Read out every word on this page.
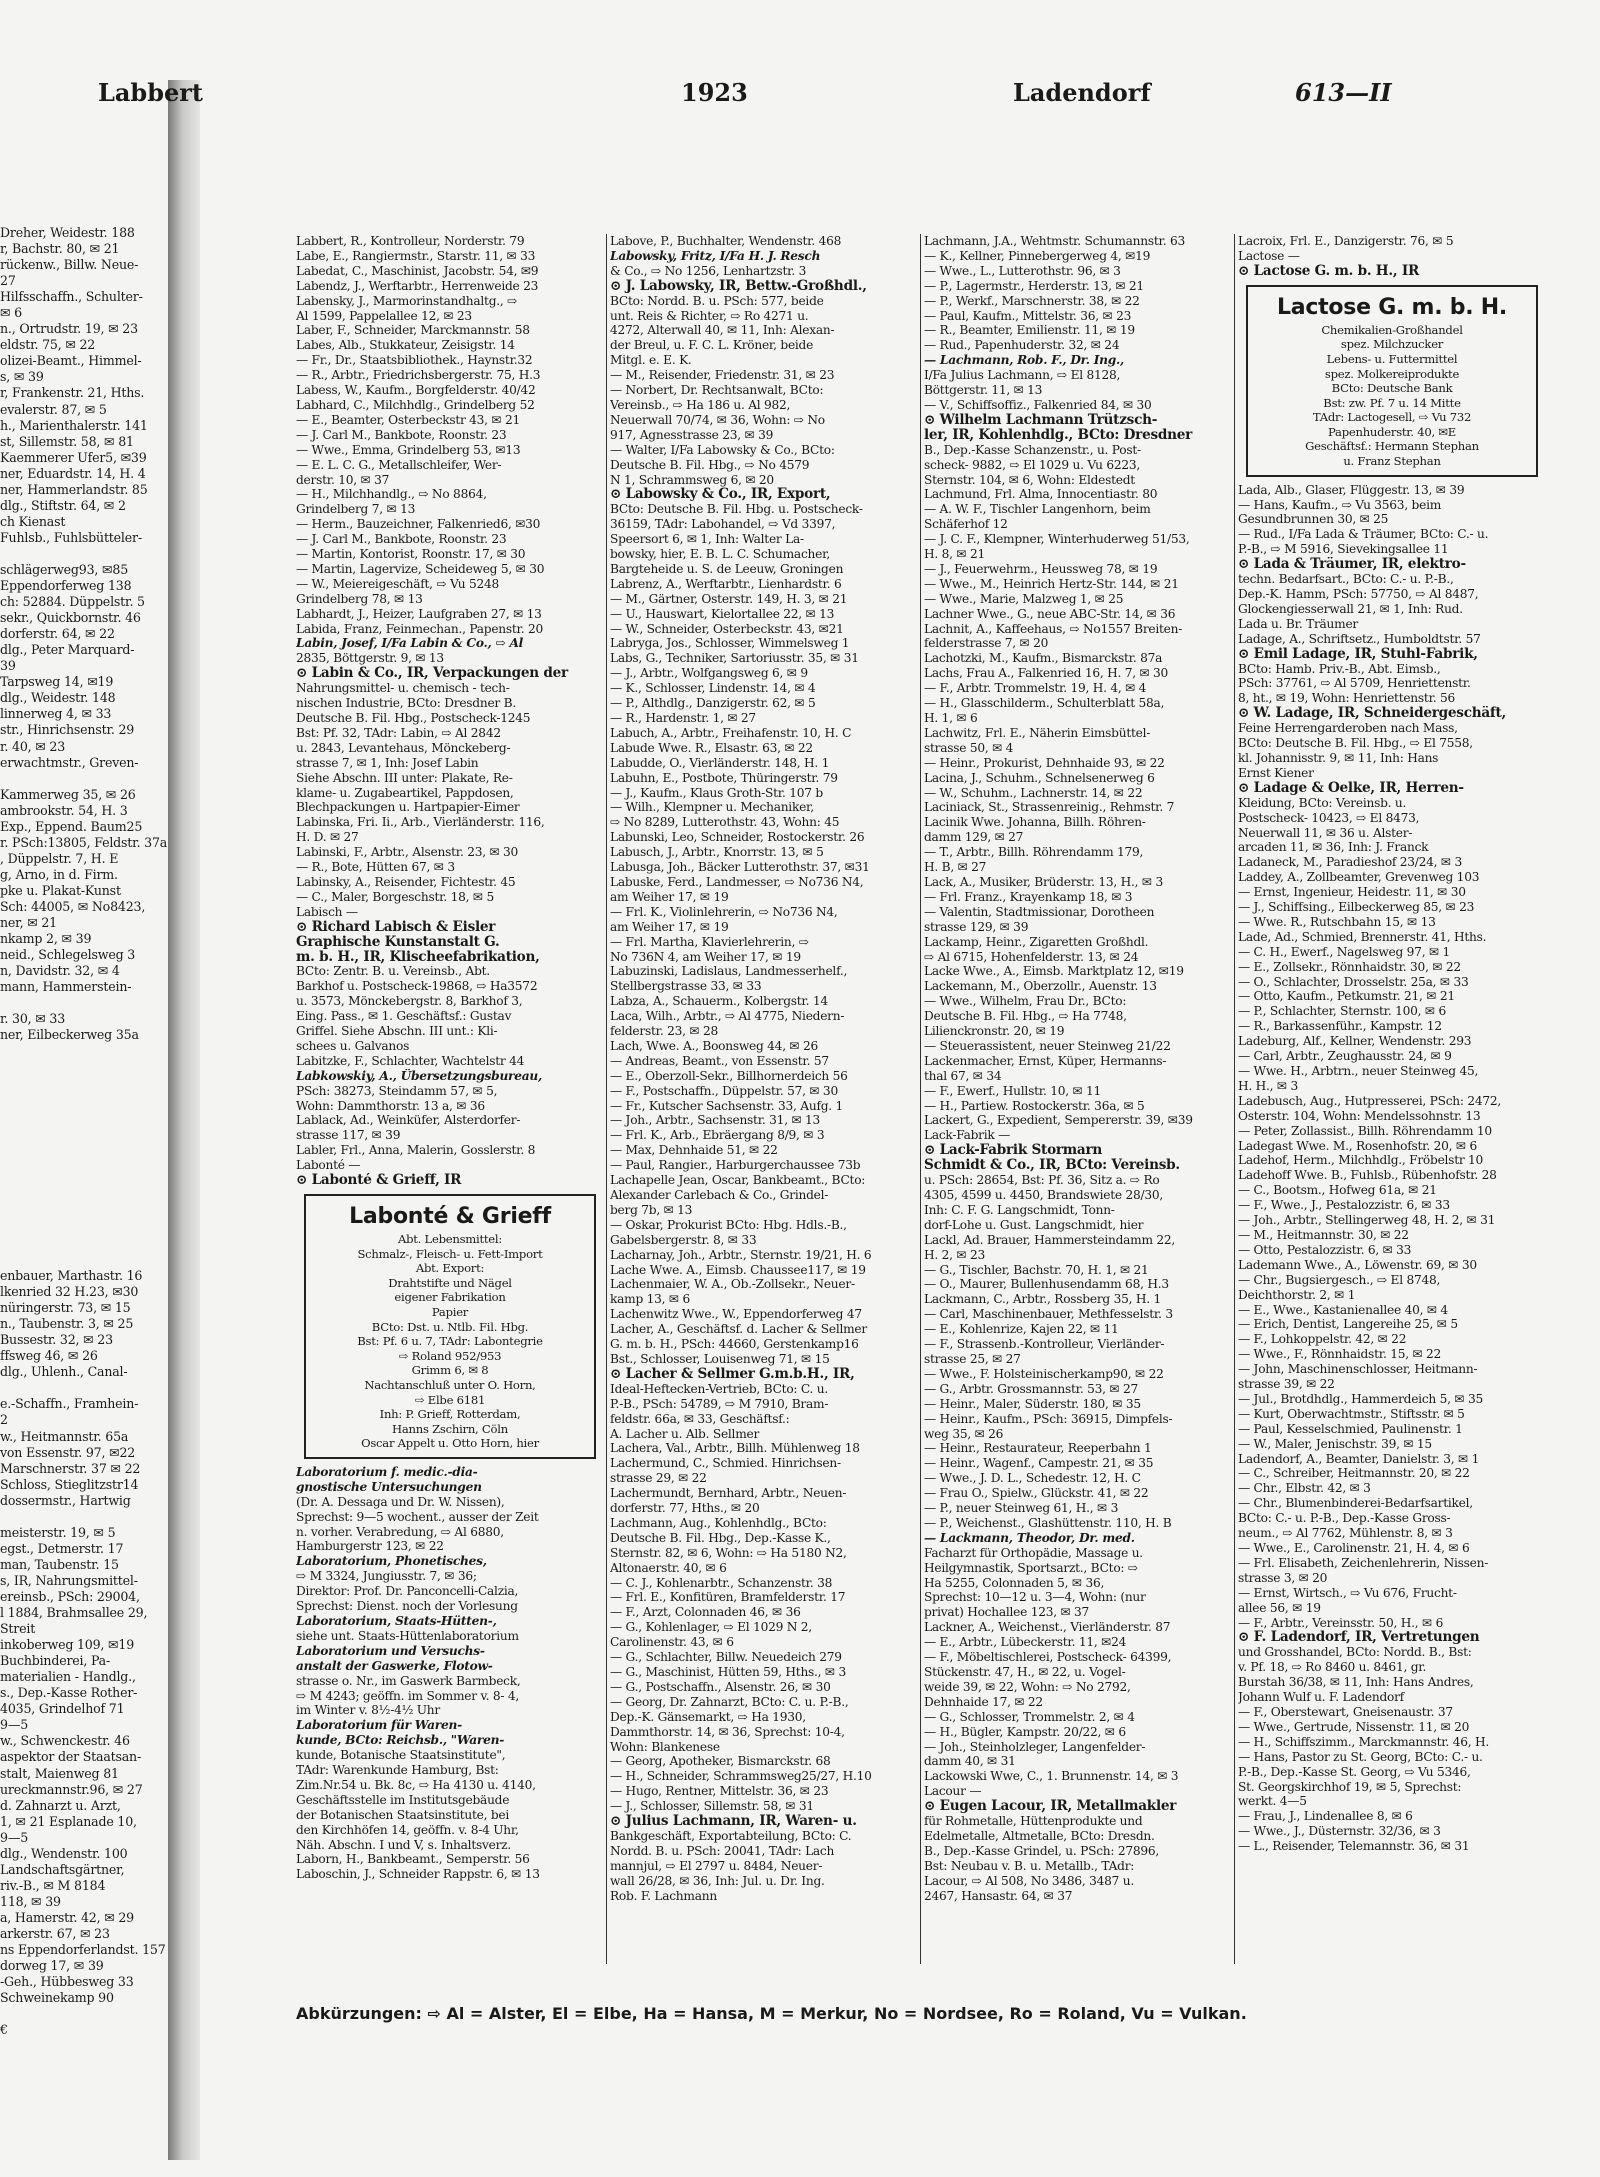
Dreher, Weidestr. 188
r, Bachstr. 80, ✉ 21
rückenw., Billw. Neue-
27
Hilfsschaffn., Schulter-
✉ 6
n., Ortrudstr. 19, ✉ 23
eldstr. 75, ✉ 22
olizei-Beamt., Himmel-
s, ✉ 39
r, Frankenstr. 21, Hths.
evalerstr. 87, ✉ 5
h., Marienthalerstr. 141
st, Sillemstr. 58, ✉ 81
Kaemmerer Ufer5, ✉39
ner, Eduardstr. 14, H. 4
ner, Hammerlandstr. 85
dlg., Stiftstr. 64, ✉ 2
ch Kienast
Fuhlsb., Fuhlsbütteler-

schlägerweg93, ✉85
Eppendorferweg 138
ch: 52884. Düppelstr. 5
sekr., Quickbornstr. 46
dorferstr. 64, ✉ 22
dlg., Peter Marquard-
39
Tarpsweg 14, ✉19
dlg., Weidestr. 148
linnerweg 4, ✉ 33
str., Hinrichsenstr. 29
r. 40, ✉ 23
erwachtmstr., Greven-

Kammerweg 35, ✉ 26
ambrookstr. 54, H. 3
Exp., Eppend. Baum25
r. PSch:13805, Feldstr. 37a
, Düppelstr. 7, H. E
g, Arno, in d. Firm.
pke u. Plakat-Kunst
Sch: 44005, ✉ No8423,
ner, ✉ 21
nkamp 2, ✉ 39
neid., Schlegelsweg 3
n, Davidstr. 32, ✉ 4
mann, Hammerstein-

r. 30, ✉ 33
ner, Eilbeckerweg 35a

enbauer, Marthastr. 16
lkenried 32 H.23, ✉30
nüringerstr. 73, ✉ 15
n., Taubenstr. 3, ✉ 25
Bussestr. 32, ✉ 23
ffsweg 46, ✉ 26
dlg., Uhlenh., Canal-

e.-Schaffn., Framhein-
2
w., Heitmannstr. 65a
von Essenstr. 97, ✉22
Marschnerstr. 37 ✉ 22
Schloss, Stieglitzstr14
dossermstr., Hartwig

meisterstr. 19, ✉ 5
egst., Detmerstr. 17
man, Taubenstr. 15
s, IR, Nahrungsmittel-
ereinsb., PSch: 29004,
l 1884, Brahmsallee 29,
Streit
inkoberweg 109, ✉19
Buchbinderei, Pa-
materialien - Handlg.,
s., Dep.-Kasse Rother-
4035, Grindelhof 71
9—5
w., Schwenckestr. 46
aspektor der Staatsan-
stalt, Maienweg 81
ureckmannstr.96, ✉ 27
d. Zahnarzt u. Arzt,
1, ✉ 21 Esplanade 10,
9—5
dlg., Wendenstr. 100
Landschaftsgärtner,
riv.-B., ✉ M 8184
118, ✉ 39
a, Hamerstr. 42, ✉ 29
arkerstr. 67, ✉ 23
ns Eppendorferlandst. 157
dorweg 17, ✉ 39
-Geh., Hübbesweg 33
Schweinekamp 90

€
Labbert	1923	Ladendorf	613—II
Labbert, R., Kontrolleur, Norderstr. 79
Labe, E., Rangiermstr., Starstr. 11, ✉ 33
Labedat, C., Maschinist, Jacobstr. 54, ✉9
Labendz, J., Werftarbtr., Herrenweide 23
Labensky, J., Marmorinstandhaltg., ⇨
Al 1599, Pappelallee 12, ✉ 23
Laber, F., Schneider, Marckmannstr. 58
Labes, Alb., Stukkateur, Zeisigstr. 14
— Fr., Dr., Staatsbibliothek., Haynstr.32
— R., Arbtr., Friedrichsbergerstr. 75, H.3
Labess, W., Kaufm., Borgfelderstr. 40/42
Labhard, C., Milchhdlg., Grindelberg 52
— E., Beamter, Osterbeckstr 43, ✉ 21
— J. Carl M., Bankbote, Roonstr. 23
— Wwe., Emma, Grindelberg 53, ✉13
— E. L. C. G., Metallschleifer, Wer-
derstr. 10, ✉ 37
— H., Milchhandlg., ⇨ No 8864,
Grindelberg 7, ✉ 13
— Herm., Bauzeichner, Falkenried6, ✉30
— J. Carl M., Bankbote, Roonstr. 23
— Martin, Kontorist, Roonstr. 17, ✉ 30
— Martin, Lagervize, Scheideweg 5, ✉ 30
— W., Meiereigeschäft, ⇨ Vu 5248
Grindelberg 78, ✉ 13
Labhardt, J., Heizer, Laufgraben 27, ✉ 13
Labida, Franz, Feinmechan., Papenstr. 20
Labin, Josef, I/Fa Labin & Co., ⇨ Al
2835, Böttgerstr. 9, ✉ 13
⊙ Labin & Co., IR, Verpackungen der
Nahrungsmittel- u. chemisch - tech-
nischen Industrie, BCto: Dresdner B.
Deutsche B. Fil. Hbg., Postscheck-1245
Bst: Pf. 32, TAdr: Labin, ⇨ Al 2842
u. 2843, Levantehaus, Mönckeberg-
strasse 7, ✉ 1, Inh: Josef Labin
Siehe Abschn. III unter: Plakate, Re-
klame- u. Zugabeartikel, Pappdosen,
Blechpackungen u. Hartpapier-Eimer
Labinska, Fri. Ii., Arb., Vierländerstr. 116,
H. D. ✉ 27
Labinski, F., Arbtr., Alsenstr. 23, ✉ 30
— R., Bote, Hütten 67, ✉ 3
Labinsky, A., Reisender, Fichtestr. 45
— C., Maler, Borgeschstr. 18, ✉ 5
Labisch —
⊙ Richard Labisch & Eisler
Graphische Kunstanstalt G.
m. b. H., IR, Klischeefabrikation,
BCto: Zentr. B. u. Vereinsb., Abt.
Barkhof u. Postscheck-19868, ⇨ Ha3572
u. 3573, Mönckebergstr. 8, Barkhof 3,
Eing. Pass., ✉ 1. Geschäftsf.: Gustav
Griffel. Siehe Abschn. III unt.: Kli-
schees u. Galvanos
Labitzke, F., Schlachter, Wachtelstr 44
Labkowskiy, A., Übersetzungsbureau,
PSch: 38273, Steindamm 57, ✉ 5,
Wohn: Dammthorstr. 13 a, ✉ 36
Lablack, Ad., Weinküfer, Alsterdorfer-
strasse 117, ✉ 39
Labler, Frl., Anna, Malerin, Gosslerstr. 8
Labonté —
⊙ Labonté & Grieff, IR
Labonté & Grieff
Abt. Lebensmittel:
Schmalz-, Fleisch- u. Fett-Import
Abt. Export:
Drahtstifte und Nägel
eigener Fabrikation
Papier
BCto: Dst. u. Ntlb. Fil. Hbg.
Bst: Pf. 6 u. 7, TAdr: Labontegrie
⇨ Roland 952/953
Grimm 6, ✉ 8
Nachtanschluß unter O. Horn,
⇨ Elbe 6181
Inh: P. Grieff, Rotterdam,
Hanns Zschirn, Cöln
Oscar Appelt u. Otto Horn, hier
Laboratorium f. medic.-dia-
gnostische Untersuchungen
(Dr. A. Dessaga und Dr. W. Nissen),
Sprechst: 9—5 wochent., ausser der Zeit
n. vorher. Verabredung, ⇨ Al 6880,
Hamburgerstr 123, ✉ 22
Laboratorium, Phonetisches,
⇨ M 3324, Jungiusstr. 7, ✉ 36;
Direktor: Prof. Dr. Panconcelli-Calzia,
Sprechst: Dienst. noch der Vorlesung
Laboratorium, Staats-Hütten-,
siehe unt. Staats-Hüttenlaboratorium
Laboratorium und Versuchs-
anstalt der Gaswerke, Flotow-
strasse o. Nr., im Gaswerk Barmbeck,
⇨ M 4243; geöffn. im Sommer v. 8- 4,
im Winter v. 8½-4½ Uhr
Laboratorium für Waren-
kunde, BCto: Reichsb., "Waren-
kunde, Botanische Staatsinstitute",
TAdr: Warenkunde Hamburg, Bst:
Zim.Nr.54 u. Bk. 8c, ⇨ Ha 4130 u. 4140,
Geschäftsstelle im Institutsgebäude
der Botanischen Staatsinstitute, bei
den Kirchhöfen 14, geöffn. v. 8-4 Uhr,
Näh. Abschn. I und V, s. Inhaltsverz.
Laborn, H., Bankbeamt., Semperstr. 56
Laboschin, J., Schneider Rappstr. 6, ✉ 13
Labove, P., Buchhalter, Wendenstr. 468
Labowsky, Fritz, I/Fa H. J. Resch
& Co., ⇨ No 1256, Lenhartzstr. 3
⊙ J. Labowsky, IR, Bettw.-Großhdl.,
BCto: Nordd. B. u. PSch: 577, beide
unt. Reis & Richter, ⇨ Ro 4271 u.
4272, Alterwall 40, ✉ 11, Inh: Alexan-
der Breul, u. F. C. L. Kröner, beide
Mitgl. e. E. K.
— M., Reisender, Friedenstr. 31, ✉ 23
— Norbert, Dr. Rechtsanwalt, BCto:
Vereinsb., ⇨ Ha 186 u. Al 982,
Neuerwall 70/74, ✉ 36, Wohn: ⇨ No
917, Agnesstrasse 23, ✉ 39
— Walter, I/Fa Labowsky & Co., BCto:
Deutsche B. Fil. Hbg., ⇨ No 4579
N 1, Schrammsweg 6, ✉ 20
⊙ Labowsky & Co., IR, Export,
BCto: Deutsche B. Fil. Hbg. u. Postscheck-
36159, TAdr: Labohandel, ⇨ Vd 3397,
Speersort 6, ✉ 1, Inh: Walter La-
bowsky, hier, E. B. L. C. Schumacher,
Bargteheide u. S. de Leeuw, Groningen
Labrenz, A., Werftarbtr., Lienhardstr. 6
— M., Gärtner, Osterstr. 149, H. 3, ✉ 21
— U., Hauswart, Kielortallee 22, ✉ 13
— W., Schneider, Osterbeckstr. 43, ✉21
Labryga, Jos., Schlosser, Wimmelsweg 1
Labs, G., Techniker, Sartoriusstr. 35, ✉ 31
— J., Arbtr., Wolfgangsweg 6, ✉ 9
— K., Schlosser, Lindenstr. 14, ✉ 4
— P., Althdlg., Danzigerstr. 62, ✉ 5
— R., Hardenstr. 1, ✉ 27
Labuch, A., Arbtr., Freihafenstr. 10, H. C
Labude Wwe. R., Elsastr. 63, ✉ 22
Labudde, O., Vierländerstr. 148, H. 1
Labuhn, E., Postbote, Thüringerstr. 79
— J., Kaufm., Klaus Groth-Str. 107 b
— Wilh., Klempner u. Mechaniker,
⇨ No 8289, Lutterothstr. 43, Wohn: 45
Labunski, Leo, Schneider, Rostockerstr. 26
Labusch, J., Arbtr., Knorrstr. 13, ✉ 5
Labusga, Joh., Bäcker Lutterothstr. 37, ✉31
Labuske, Ferd., Landmesser, ⇨ No736 N4,
am Weiher 17, ✉ 19
— Frl. K., Violinlehrerin, ⇨ No736 N4,
am Weiher 17, ✉ 19
— Frl. Martha, Klavierlehrerin, ⇨
No 736N 4, am Weiher 17, ✉ 19
Labuzinski, Ladislaus, Landmesserhelf.,
Stellbergstrasse 33, ✉ 33
Labza, A., Schauerm., Kolbergstr. 14
Laca, Wilh., Arbtr., ⇨ Al 4775, Niedern-
felderstr. 23, ✉ 28
Lach, Wwe. A., Boonsweg 44, ✉ 26
— Andreas, Beamt., von Essenstr. 57
— E., Oberzoll-Sekr., Billhornerdeich 56
— F., Postschaffn., Düppelstr. 57, ✉ 30
— Fr., Kutscher Sachsenstr. 33, Aufg. 1
— Joh., Arbtr., Sachsenstr. 31, ✉ 13
— Frl. K., Arb., Ebräergang 8/9, ✉ 3
— Max, Dehnhaide 51, ✉ 22
— Paul, Rangier., Harburgerchaussee 73b
Lachapelle Jean, Oscar, Bankbeamt., BCto:
Alexander Carlebach & Co., Grindel-
berg 7b, ✉ 13
— Oskar, Prokurist BCto: Hbg. Hdls.-B.,
Gabelsbergerstr. 8, ✉ 33
Lacharnay, Joh., Arbtr., Sternstr. 19/21, H. 6
Lache Wwe. A., Eimsb. Chaussee117, ✉ 19
Lachenmaier, W. A., Ob.-Zollsekr., Neuer-
kamp 13, ✉ 6
Lachenwitz Wwe., W., Eppendorferweg 47
Lacher, A., Geschäftsf. d. Lacher & Sellmer
G. m. b. H., PSch: 44660, Gerstenkamp16
Bst., Schlosser, Louisenweg 71, ✉ 15
⊙ Lacher & Sellmer G.m.b.H., IR,
Ideal-Heftecken-Vertrieb, BCto: C. u.
P.-B., PSch: 54789, ⇨ M 7910, Bram-
feldstr. 66a, ✉ 33, Geschäftsf.:
A. Lacher u. Alb. Sellmer
Lachera, Val., Arbtr., Billh. Mühlenweg 18
Lachermund, C., Schmied. Hinrichsen-
strasse 29, ✉ 22
Lachermundt, Bernhard, Arbtr., Neuen-
dorferstr. 77, Hths., ✉ 20
Lachmann, Aug., Kohlenhdlg., BCto:
Deutsche B. Fil. Hbg., Dep.-Kasse K.,
Sternstr. 82, ✉ 6, Wohn: ⇨ Ha 5180 N2,
Altonaerstr. 40, ✉ 6
— C. J., Kohlenarbtr., Schanzenstr. 38
— Frl. E., Konfitüren, Bramfelderstr. 17
— F., Arzt, Colonnaden 46, ✉ 36
— G., Kohlenlager, ⇨ El 1029 N 2,
Carolinenstr. 43, ✉ 6
— G., Schlachter, Billw. Neuedeich 279
— G., Maschinist, Hütten 59, Hths., ✉ 3
— G., Postschaffn., Alsenstr. 26, ✉ 30
— Georg, Dr. Zahnarzt, BCto: C. u. P.-B.,
Dep.-K. Gänsemarkt, ⇨ Ha 1930,
Dammthorstr. 14, ✉ 36, Sprechst: 10-4,
Wohn: Blankenese
— Georg, Apotheker, Bismarckstr. 68
— H., Schneider, Schrammsweg25/27, H.10
— Hugo, Rentner, Mittelstr. 36, ✉ 23
— J., Schlosser, Sillemstr. 58, ✉ 31
⊙ Julius Lachmann, IR, Waren- u.
Bankgeschäft, Exportabteilung, BCto: C.
Nordd. B. u. PSch: 20041, TAdr: Lach
mannjul, ⇨ El 2797 u. 8484, Neuer-
wall 26/28, ✉ 36, Inh: Jul. u. Dr. Ing.
Rob. F. Lachmann
Lachmann, J.A., Wehtmstr. Schumannstr. 63
— K., Kellner, Pinnebergerweg 4, ✉19
— Wwe., L., Lutterothstr. 96, ✉ 3
— P., Lagermstr., Herderstr. 13, ✉ 21
— P., Werkf., Marschnerstr. 38, ✉ 22
— Paul, Kaufm., Mittelstr. 36, ✉ 23
— R., Beamter, Emilienstr. 11, ✉ 19
— Rud., Papenhuderstr. 32, ✉ 24
— Lachmann, Rob. F., Dr. Ing.,
I/Fa Julius Lachmann, ⇨ El 8128,
Böttgerstr. 11, ✉ 13
— V., Schiffsoffiz., Falkenried 84, ✉ 30
⊙ Wilhelm Lachmann Trützsch-
ler, IR, Kohlenhdlg., BCto: Dresdner
B., Dep.-Kasse Schanzenstr., u. Post-
scheck- 9882, ⇨ El 1029 u. Vu 6223,
Sternstr. 104, ✉ 6, Wohn: Eldestedt
Lachmund, Frl. Alma, Innocentiastr. 80
— A. W. F., Tischler Langenhorn, beim
Schäferhof 12
— J. C. F., Klempner, Winterhuderweg 51/53,
H. 8, ✉ 21
— J., Feuerwehrm., Heussweg 78, ✉ 19
— Wwe., M., Heinrich Hertz-Str. 144, ✉ 21
— Wwe., Marie, Malzweg 1, ✉ 25
Lachner Wwe., G., neue ABC-Str. 14, ✉ 36
Lachnit, A., Kaffeehaus, ⇨ No1557 Breiten-
felderstrasse 7, ✉ 20
Lachotzki, M., Kaufm., Bismarckstr. 87a
Lachs, Frau A., Falkenried 16, H. 7, ✉ 30
— F., Arbtr. Trommelstr. 19, H. 4, ✉ 4
— H., Glasschilderm., Schulterblatt 58a,
H. 1, ✉ 6
Lachwitz, Frl. E., Näherin Eimsbüttel-
strasse 50, ✉ 4
— Heinr., Prokurist, Dehnhaide 93, ✉ 22
Lacina, J., Schuhm., Schnelsenerweg 6
— W., Schuhm., Lachnerstr. 14, ✉ 22
Laciniack, St., Strassenreinig., Rehmstr. 7
Lacinik Wwe. Johanna, Billh. Röhren-
damm 129, ✉ 27
— T., Arbtr., Billh. Röhrendamm 179,
H. B, ✉ 27
Lack, A., Musiker, Brüderstr. 13, H., ✉ 3
— Frl. Franz., Krayenkamp 18, ✉ 3
— Valentin, Stadtmissionar, Dorotheen
strasse 129, ✉ 39
Lackamp, Heinr., Zigaretten Großhdl.
⇨ Al 6715, Hohenfelderstr. 13, ✉ 24
Lacke Wwe., A., Eimsb. Marktplatz 12, ✉19
Lackemann, M., Oberzollr., Auenstr. 13
— Wwe., Wilhelm, Frau Dr., BCto:
Deutsche B. Fil. Hbg., ⇨ Ha 7748,
Lilienckronstr. 20, ✉ 19
— Steuerassistent, neuer Steinweg 21/22
Lackenmacher, Ernst, Küper, Hermanns-
thal 67, ✉ 34
— F., Ewerf., Hullstr. 10, ✉ 11
— H., Partiew. Rostockerstr. 36a, ✉ 5
Lackert, G., Expedient, Sempererstr. 39, ✉39
Lack-Fabrik —
⊙ Lack-Fabrik Stormarn
Schmidt & Co., IR, BCto: Vereinsb.
u. PSch: 28654, Bst: Pf. 36, Sitz a. ⇨ Ro
4305, 4599 u. 4450, Brandswiete 28/30,
Inh: C. F. G. Langschmidt, Tonn-
dorf-Lohe u. Gust. Langschmidt, hier
Lackl, Ad. Brauer, Hammersteindamm 22,
H. 2, ✉ 23
— G., Tischler, Bachstr. 70, H. 1, ✉ 21
— O., Maurer, Bullenhusendamm 68, H.3
Lackmann, C., Arbtr., Rossberg 35, H. 1
— Carl, Maschinenbauer, Methfesselstr. 3
— E., Kohlenrize, Kajen 22, ✉ 11
— F., Strassenb.-Kontrolleur, Vierländer-
strasse 25, ✉ 27
— Wwe., F. Holsteinischerkamp90, ✉ 22
— G., Arbtr. Grossmannstr. 53, ✉ 27
— Heinr., Maler, Süderstr. 180, ✉ 35
— Heinr., Kaufm., PSch: 36915, Dimpfels-
weg 35, ✉ 26
— Heinr., Restaurateur, Reeperbahn 1
— Heinr., Wagenf., Campestr. 21, ✉ 35
— Wwe., J. D. L., Schedestr. 12, H. C
— Frau O., Spielw., Glückstr. 41, ✉ 22
— P., neuer Steinweg 61, H., ✉ 3
— P., Weichenst., Glashüttenstr. 110, H. B
— Lackmann, Theodor, Dr. med.
Facharzt für Orthopädie, Massage u.
Heilgymnastik, Sportsarzt., BCto: ⇨
Ha 5255, Colonnaden 5, ✉ 36,
Sprechst: 10—12 u. 3—4, Wohn: (nur
privat) Hochallee 123, ✉ 37
Lackner, A., Weichenst., Vierländerstr. 87
— E., Arbtr., Lübeckerstr. 11, ✉24
— F., Möbeltischlerei, Postscheck- 64399,
Stückenstr. 47, H., ✉ 22, u. Vogel-
weide 39, ✉ 22, Wohn: ⇨ No 2792,
Dehnhaide 17, ✉ 22
— G., Schlosser, Trommelstr. 2, ✉ 4
— H., Bügler, Kampstr. 20/22, ✉ 6
— Joh., Steinholzleger, Langenfelder-
damm 40, ✉ 31
Lackowski Wwe, C., 1. Brunnenstr. 14, ✉ 3
Lacour —
⊙ Eugen Lacour, IR, Metallmakler
für Rohmetalle, Hüttenprodukte und
Edelmetalle, Altmetalle, BCto: Dresdn.
B., Dep.-Kasse Grindel, u. PSch: 27896,
Bst: Neubau v. B. u. Metallb., TAdr:
Lacour, ⇨ Al 508, No 3486, 3487 u.
2467, Hansastr. 64, ✉ 37
Lacroix, Frl. E., Danzigerstr. 76, ✉ 5
Lactose —
⊙ Lactose G. m. b. H., IR
Lactose G. m. b. H.
Chemikalien-Großhandel
spez. Milchzucker
Lebens- u. Futtermittel
spez. Molkereiprodukte
BCto: Deutsche Bank
Bst: zw. Pf. 7 u. 14 Mitte
TAdr: Lactogesell, ⇨ Vu 732
Papenhuderstr. 40, ✉E
Geschäftsf.: Hermann Stephan
u. Franz Stephan
Lada, Alb., Glaser, Flüggestr. 13, ✉ 39
— Hans, Kaufm., ⇨ Vu 3563, beim
Gesundbrunnen 30, ✉ 25
— Rud., I/Fa Lada & Träumer, BCto: C.- u.
P.-B., ⇨ M 5916, Sievekingsallee 11
⊙ Lada & Träumer, IR, elektro-
techn. Bedarfsart., BCto: C.- u. P.-B.,
Dep.-K. Hamm, PSch: 57750, ⇨ Al 8487,
Glockengiesserwall 21, ✉ 1, Inh: Rud.
Lada u. Br. Träumer
Ladage, A., Schriftsetz., Humboldtstr. 57
⊙ Emil Ladage, IR, Stuhl-Fabrik,
BCto: Hamb. Priv.-B., Abt. Eimsb.,
PSch: 37761, ⇨ Al 5709, Henriettenstr.
8, ht., ✉ 19, Wohn: Henriettenstr. 56
⊙ W. Ladage, IR, Schneidergeschäft,
Feine Herrengarderoben nach Mass,
BCto: Deutsche B. Fil. Hbg., ⇨ El 7558,
kl. Johannisstr. 9, ✉ 11, Inh: Hans
Ernst Kiener
⊙ Ladage & Oelke, IR, Herren-
Kleidung, BCto: Vereinsb. u.
Postscheck- 10423, ⇨ El 8473,
Neuerwall 11, ✉ 36 u. Alster-
arcaden 11, ✉ 36, Inh: J. Franck
Ladaneck, M., Paradieshof 23/24, ✉ 3
Laddey, A., Zollbeamter, Grevenweg 103
— Ernst, Ingenieur, Heidestr. 11, ✉ 30
— J., Schiffsing., Eilbeckerweg 85, ✉ 23
— Wwe. R., Rutschbahn 15, ✉ 13
Lade, Ad., Schmied, Brennerstr. 41, Hths.
— C. H., Ewerf., Nagelsweg 97, ✉ 1
— E., Zollsekr., Rönnhaidstr. 30, ✉ 22
— O., Schlachter, Drosselstr. 25a, ✉ 33
— Otto, Kaufm., Petkumstr. 21, ✉ 21
— P., Schlachter, Sternstr. 100, ✉ 6
— R., Barkassenführ., Kampstr. 12
Ladeburg, Alf., Kellner, Wendenstr. 293
— Carl, Arbtr., Zeughausstr. 24, ✉ 9
— Wwe. H., Arbtrn., neuer Steinweg 45,
H. H., ✉ 3
Ladebusch, Aug., Hutpresserei, PSch: 2472,
Osterstr. 104, Wohn: Mendelssohnstr. 13
— Peter, Zollassist., Billh. Röhrendamm 10
Ladegast Wwe. M., Rosenhofstr. 20, ✉ 6
Ladehof, Herm., Milchhdlg., Fröbelstr 10
Ladehoff Wwe. B., Fuhlsb., Rübenhofstr. 28
— C., Bootsm., Hofweg 61a, ✉ 21
— F., Wwe., J., Pestalozzistr. 6, ✉ 33
— Joh., Arbtr., Stellingerweg 48, H. 2, ✉ 31
— M., Heitmannstr. 30, ✉ 22
— Otto, Pestalozzistr. 6, ✉ 33
Lademann Wwe., A., Löwenstr. 69, ✉ 30
— Chr., Bugsiergesch., ⇨ El 8748,
Deichthorstr. 2, ✉ 1
— E., Wwe., Kastanienallee 40, ✉ 4
— Erich, Dentist, Langereihe 25, ✉ 5
— F., Lohkoppelstr. 42, ✉ 22
— Wwe., F., Rönnhaidstr. 15, ✉ 22
— John, Maschinenschlosser, Heitmann-
strasse 39, ✉ 22
— Jul., Brotdhdlg., Hammerdeich 5, ✉ 35
— Kurt, Oberwachtmstr., Stiftsstr. ✉ 5
— Paul, Kesselschmied, Paulinenstr. 1
— W., Maler, Jenischstr. 39, ✉ 15
Ladendorf, A., Beamter, Danielstr. 3, ✉ 1
— C., Schreiber, Heitmannstr. 20, ✉ 22
— Chr., Elbstr. 42, ✉ 3
— Chr., Blumenbinderei-Bedarfsartikel,
BCto: C.- u. P.-B., Dep.-Kasse Gross-
neum., ⇨ Al 7762, Mühlenstr. 8, ✉ 3
— Wwe., E., Carolinenstr. 21, H. 4, ✉ 6
— Frl. Elisabeth, Zeichenlehrerin, Nissen-
strasse 3, ✉ 20
— Ernst, Wirtsch., ⇨ Vu 676, Frucht-
allee 56, ✉ 19
— F., Arbtr., Vereinsstr. 50, H., ✉ 6
⊙ F. Ladendorf, IR, Vertretungen
und Grosshandel, BCto: Nordd. B., Bst:
v. Pf. 18, ⇨ Ro 8460 u. 8461, gr.
Burstah 36/38, ✉ 11, Inh: Hans Andres,
Johann Wulf u. F. Ladendorf
— F., Oberstewart, Gneisenaustr. 37
— Wwe., Gertrude, Nissenstr. 11, ✉ 20
— H., Schiffszimm., Marckmannstr. 46, H.
— Hans, Pastor zu St. Georg, BCto: C.- u.
P.-B., Dep.-Kasse St. Georg, ⇨ Vu 5346,
St. Georgskirchhof 19, ✉ 5, Sprechst:
werkt. 4—5
— Frau, J., Lindenallee 8, ✉ 6
— Wwe., J., Düsternstr. 32/36, ✉ 3
— L., Reisender, Telemannstr. 36, ✉ 31
Abkürzungen: ⇨ Al = Alster, El = Elbe, Ha = Hansa, M = Merkur, No = Nordsee, Ro = Roland, Vu = Vulkan.
